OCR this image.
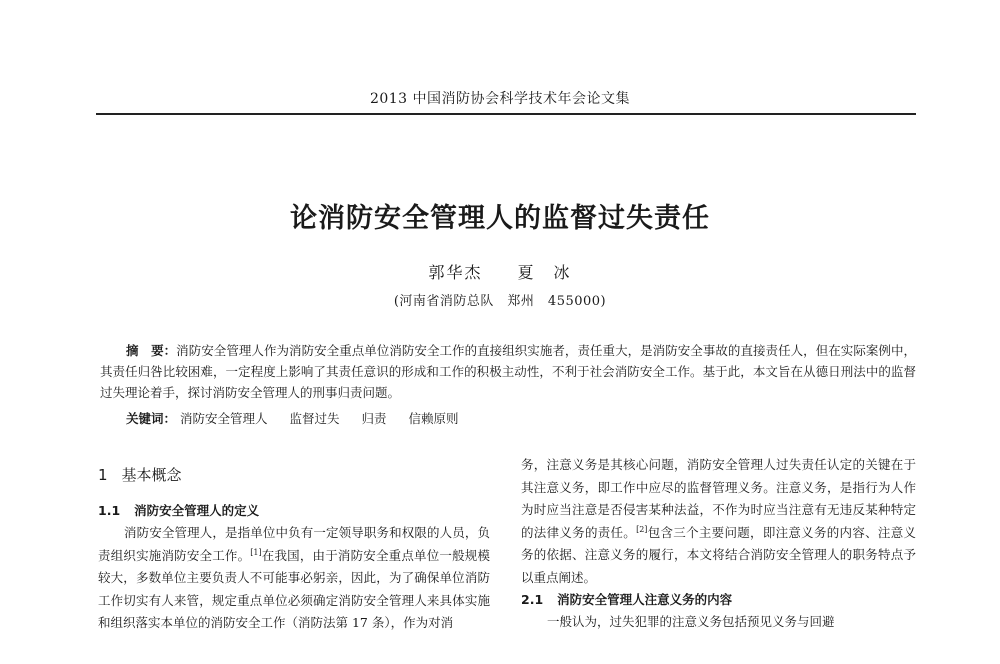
2013 中国消防协会科学技术年会论文集
论消防安全管理人的监督过失责任
郭华杰 夏　冰
(河南省消防总队　郑州　455000)
摘　要：消防安全管理人作为消防安全重点单位消防安全工作的直接组织实施者，责任重大，是消防安全事故的直接责任人，但在实际案例中，其责任归咎比较困难，一定程度上影响了其责任意识的形成和工作的积极主动性，不利于社会消防安全工作。基于此，本文旨在从德日刑法中的监督过失理论着手，探讨消防安全管理人的刑事归责问题。
关键词： 消防安全管理人 监督过失 归责 信赖原则
1 基本概念
1.1 消防安全管理人的定义

消防安全管理人，是指单位中负有一定领导职务和权限的人员，负责组织实施消防安全工作。[1]在我国，由于消防安全重点单位一般规模较大，多数单位主要负责人不可能事必躬亲，因此，为了确保单位消防工作切实有人来管，规定重点单位必须确定消防安全管理人来具体实施和组织落实本单位的消防安全工作（消防法第 17 条），作为对消

务，注意义务是其核心问题，消防安全管理人过失责任认定的关键在于其注意义务，即工作中应尽的监督管理义务。注意义务，是指行为人作为时应当注意是否侵害某种法益，不作为时应当注意有无违反某种特定的法律义务的责任。[2]包含三个主要问题，即注意义务的内容、注意义务的依据、注意义务的履行，本文将结合消防安全管理人的职务特点予以重点阐述。

2.1 消防安全管理人注意义务的内容

一般认为，过失犯罪的注意义务包括预见义务与回避
